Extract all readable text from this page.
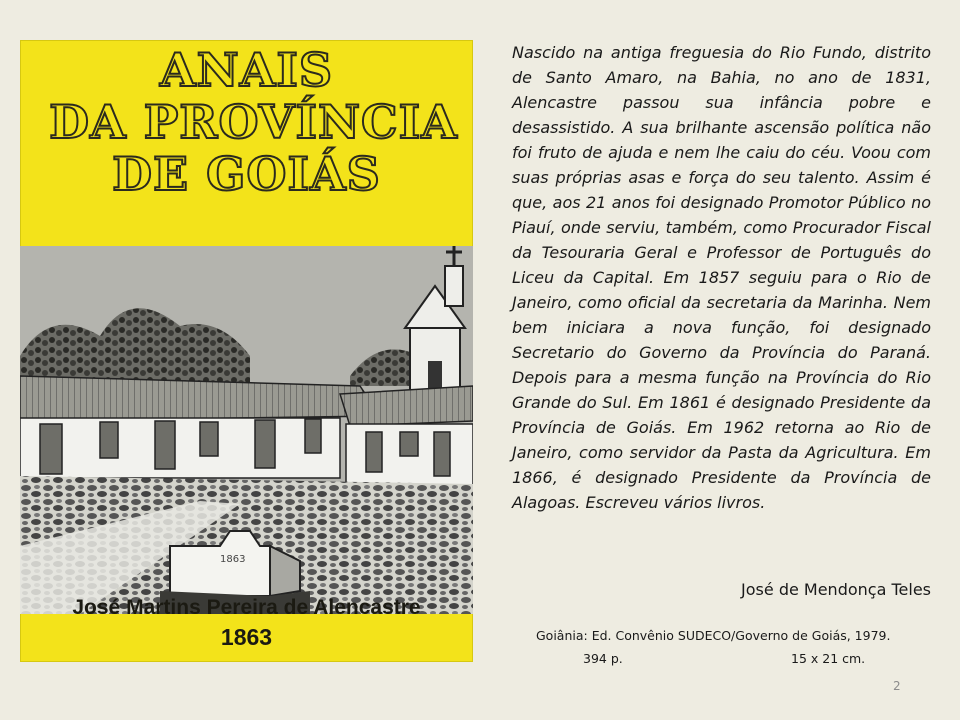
ANAIS
DA PROVÍNCIA
DE GOIÁS
1863
José Martins Pereira de Alencastre
1863
Nascido na antiga freguesia do Rio Fundo, distrito de Santo Amaro, na Bahia, no ano de 1831, Alencastre passou sua infância pobre e desassistido. A sua brilhante ascensão política não foi fruto de ajuda e nem lhe caiu do céu. Voou com suas próprias asas e força do seu talento. Assim é que, aos 21 anos foi designado Promotor Público no Piauí, onde serviu, também, como Procurador Fiscal da Tesouraria Geral e Professor de Português do Liceu da Capital. Em 1857 seguiu para o Rio de Janeiro, como oficial da secretaria da Marinha. Nem bem iniciara a nova função, foi designado Secretario do Governo da Província do Paraná. Depois para a mesma função na Província do Rio Grande do Sul. Em 1861 é designado Presidente da Província de Goiás. Em 1962 retorna ao Rio de Janeiro, como servidor da Pasta da Agricultura. Em 1866, é designado Presidente da Província de Alagoas. Escreveu vários livros.
José de Mendonça Teles
Goiânia: Ed. Convênio SUDECO/Governo de Goiás, 1979.
394 p.	15 x 21 cm.
2
